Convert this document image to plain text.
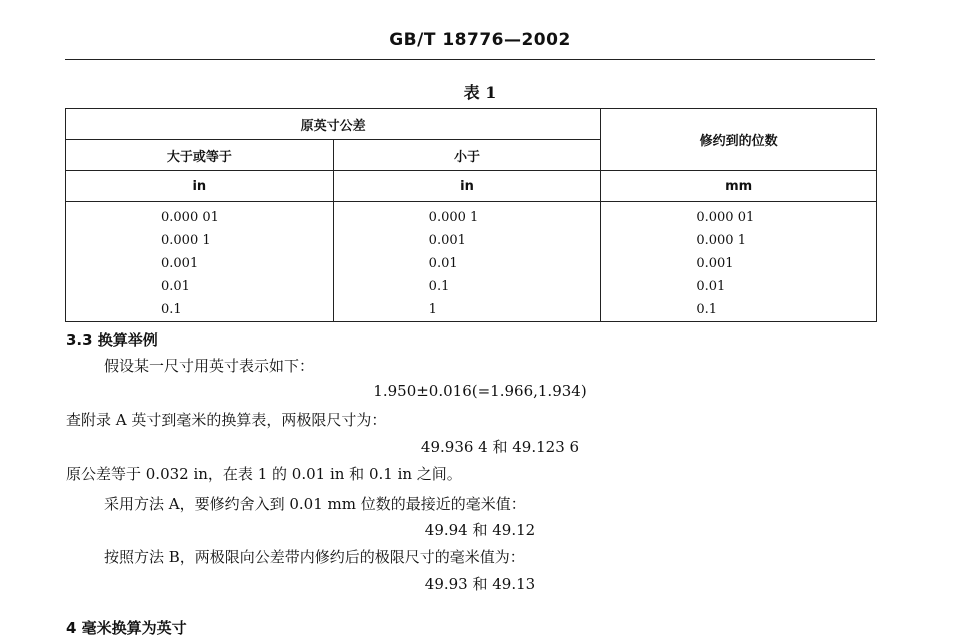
GB/T 18776—2002
表 1
原英寸公差		修约到的位数
大于或等于	小于	
in	in	mm
0.000 01	0.000 1	0.000 01
0.000 1	0.001	0.000 1
0.001	0.01	0.001
0.01	0.1	0.01
0.1	1	0.1
3.3 换算举例
假设某一尺寸用英寸表示如下：
1.950±0.016(=1.966,1.934)
查附录 A 英寸到毫米的换算表，两极限尺寸为：
49.936 4 和 49.123 6
原公差等于 0.032 in，在表 1 的 0.01 in 和 0.1 in 之间。
采用方法 A，要修约舍入到 0.01 mm 位数的最接近的毫米值：
49.94 和 49.12
按照方法 B，两极限向公差带内修约后的极限尺寸的毫米值为：
49.93 和 49.13
4 毫米换算为英寸
